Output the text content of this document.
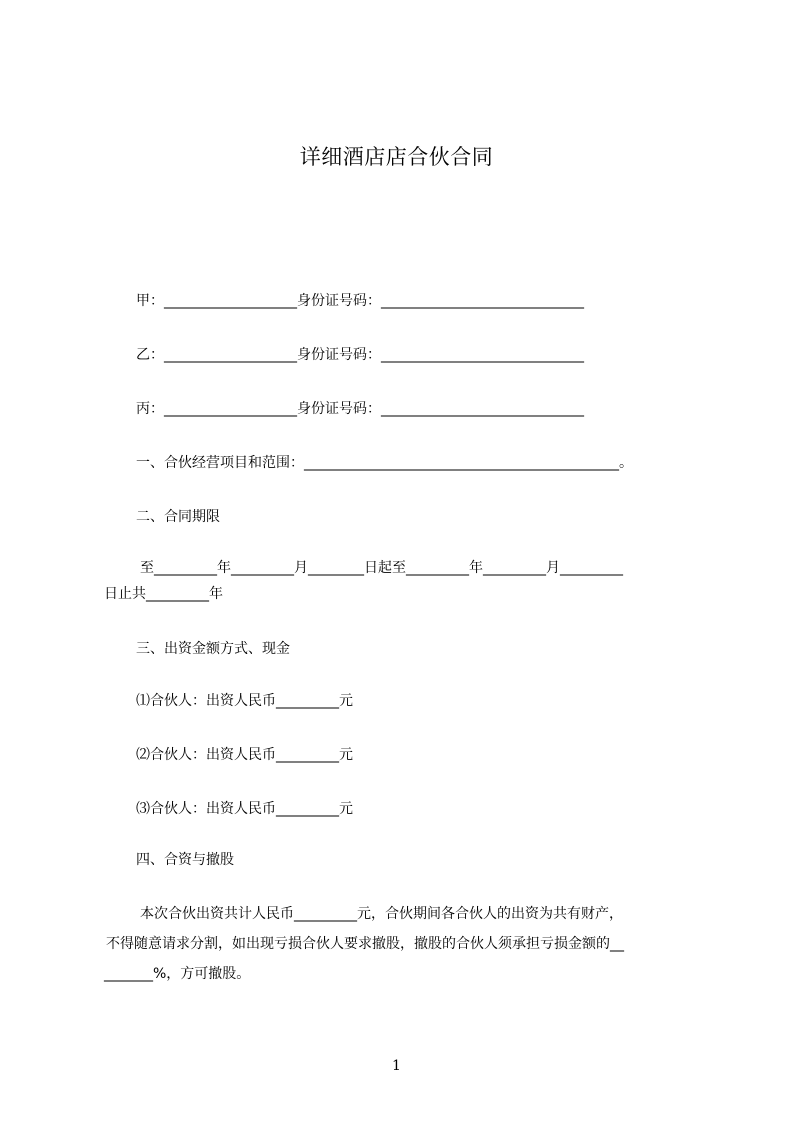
详细酒店店合伙合同
甲：___________________身份证号码：_____________________________
乙：___________________身份证号码：_____________________________
丙：___________________身份证号码：_____________________________
一、合伙经营项目和范围：_____________________________________________。
二、合同期限
至_________年_________月________日起至_________年_________月_________
日止共_________年
三、出资金额方式、现金
⑴合伙人：出资人民币_________元
⑵合伙人：出资人民币_________元
⑶合伙人：出资人民币_________元
四、合资与撤股
本次合伙出资共计人民币_________元，合伙期间各合伙人的出资为共有财产，
不得随意请求分割，如出现亏损合伙人要求撤股，撤股的合伙人须承担亏损金额的__
_______%，方可撤股。
1
